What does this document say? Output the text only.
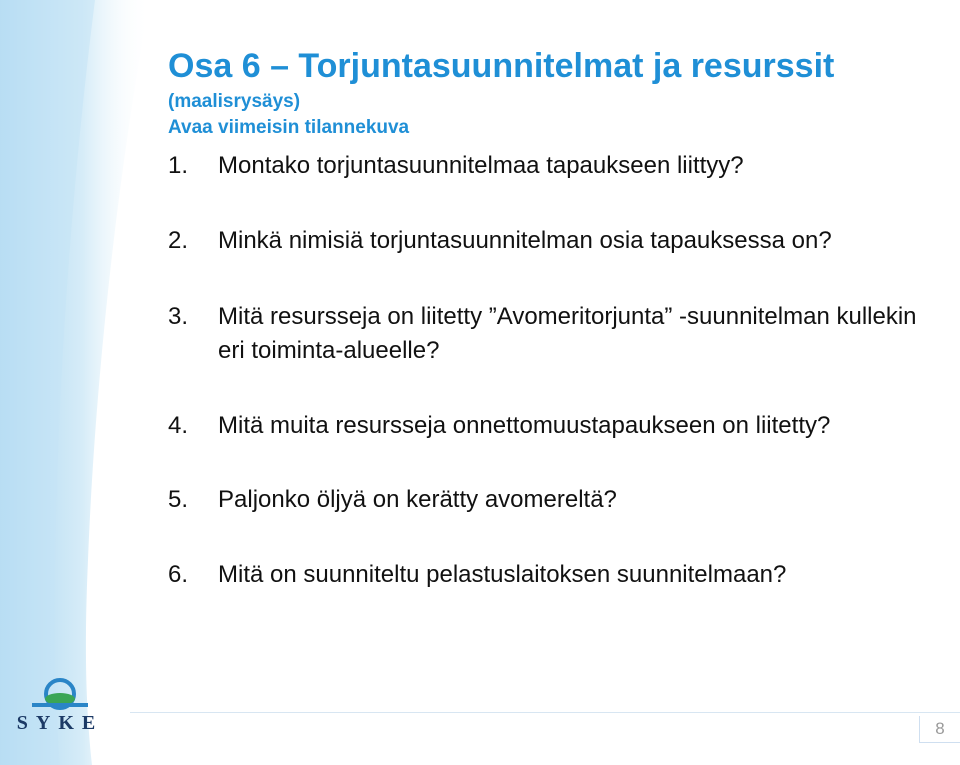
Osa 6 – Torjuntasuunnitelmat ja resurssit
(maalisrysäys)
Avaa viimeisin tilannekuva
1. Montako torjuntasuunnitelmaa tapaukseen liittyy?
2. Minkä nimisiä torjuntasuunnitelman osia tapauksessa on?
3. Mitä resursseja on liitetty ”Avomeritorjunta” -suunnitelman kullekin eri toiminta-alueelle?
4. Mitä muita resursseja onnettomuustapaukseen on liitetty?
5. Paljonko öljyä on kerätty avomereltä?
6. Mitä on suunniteltu pelastuslaitoksen suunnitelmaan?
SYKE	8
